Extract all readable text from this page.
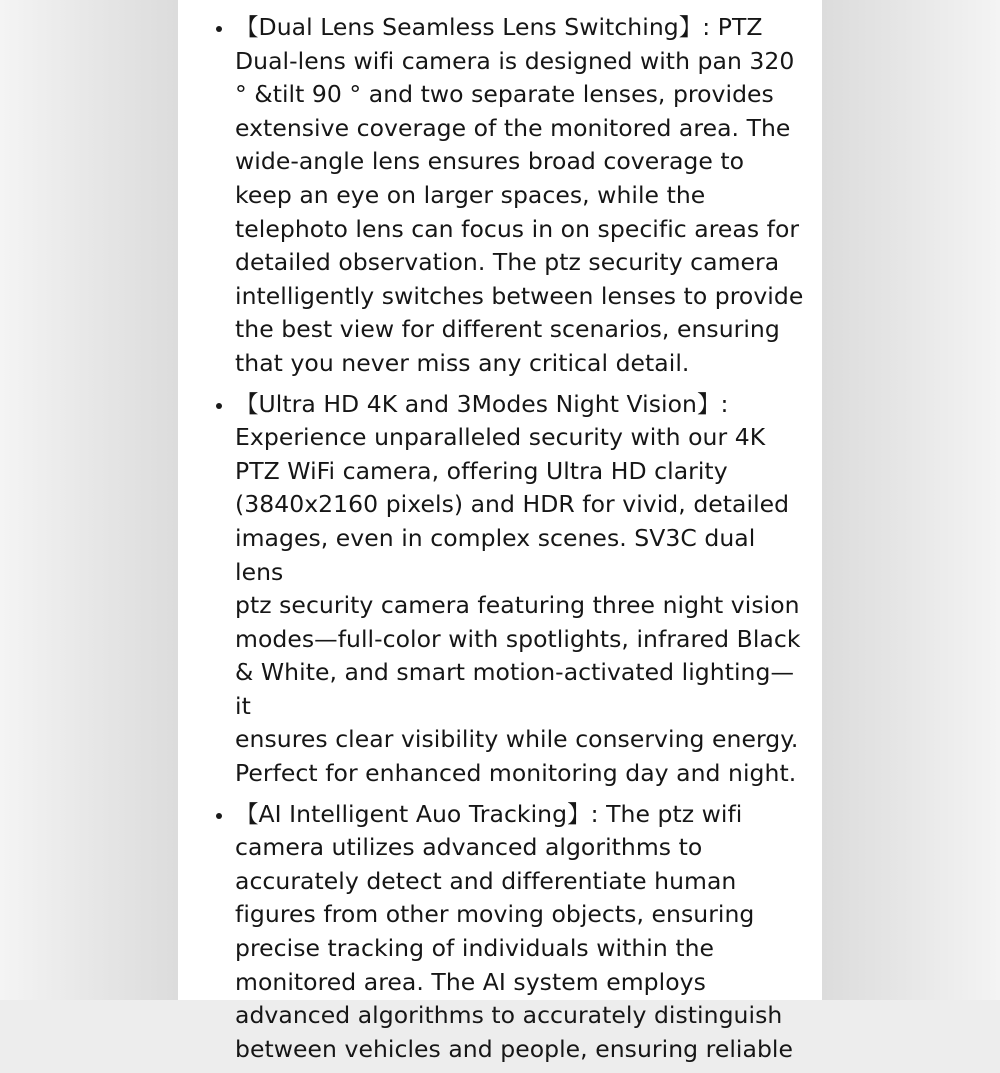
【Dual Lens Seamless Lens Switching】: PTZ
Dual-lens wifi camera is designed with pan 320
° &tilt 90 ° and two separate lenses, provides
extensive coverage of the monitored area. The
wide-angle lens ensures broad coverage to
keep an eye on larger spaces, while the
telephoto lens can focus in on specific areas for
detailed observation. The ptz security camera
intelligently switches between lenses to provide
the best view for different scenarios, ensuring
that you never miss any critical detail.

【Ultra HD 4K and 3Modes Night Vision】:
Experience unparalleled security with our 4K
PTZ WiFi camera, offering Ultra HD clarity
(3840x2160 pixels) and HDR for vivid, detailed
images, even in complex scenes. SV3C dual lens
ptz security camera featuring three night vision
modes—full-color with spotlights, infrared Black
& White, and smart motion-activated lighting—it
ensures clear visibility while conserving energy.
Perfect for enhanced monitoring day and night.

【AI Intelligent Auo Tracking】: The ptz wifi
camera utilizes advanced algorithms to
accurately detect and differentiate human
figures from other moving objects, ensuring
precise tracking of individuals within the
monitored area. The AI system employs
advanced algorithms to accurately distinguish
between vehicles and people, ensuring reliable
